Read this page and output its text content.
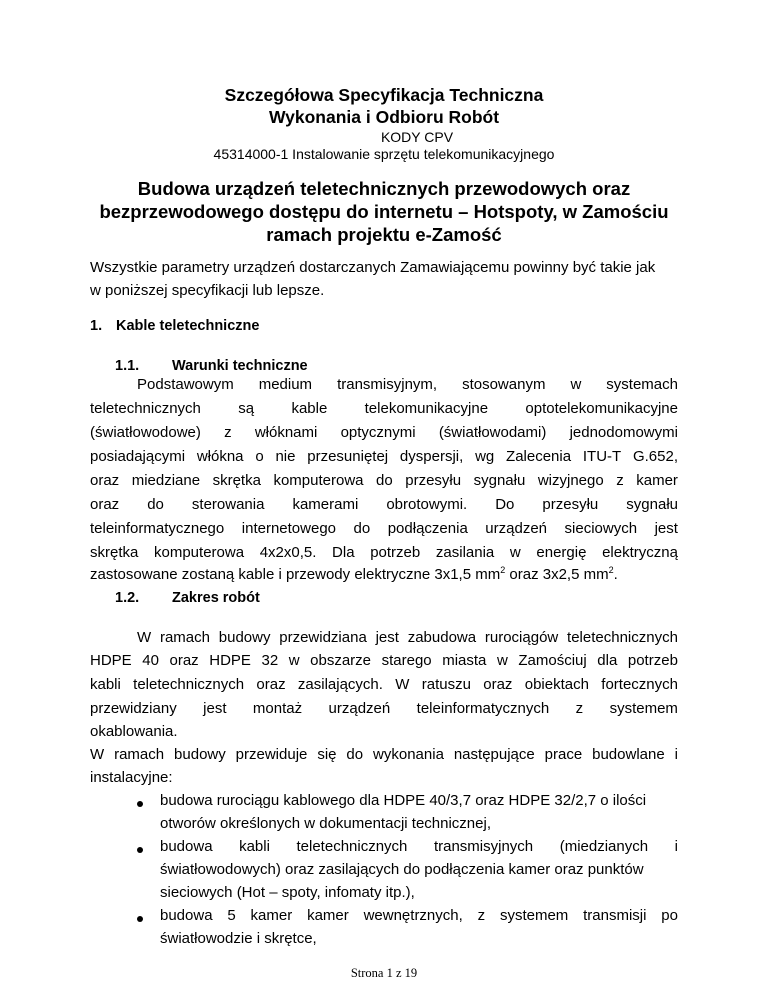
Szczegółowa Specyfikacja Techniczna
Wykonania i Odbioru Robót
KODY CPV
45314000-1 Instalowanie sprzętu telekomunikacyjnego
Budowa urządzeń teletechnicznych przewodowych oraz
bezprzewodowego dostępu do internetu – Hotspoty, w Zamościu
ramach projektu e-Zamość
Wszystkie parametry urządzeń dostarczanych Zamawiającemu powinny być takie jak
w poniższej specyfikacji lub lepsze.
1. Kable teletechniczne
1.1. Warunki techniczne
Podstawowym medium transmisyjnym, stosowanym w systemach
teletechnicznych są kable telekomunikacyjne optotelekomunikacyjne
(światłowodowe) z włóknami optycznymi (światłowodami) jednodomowymi
posiadającymi włókna o nie przesuniętej dyspersji, wg Zalecenia ITU-T G.652,
oraz miedziane skrętka komputerowa do przesyłu sygnału wizyjnego z kamer
oraz do sterowania kamerami obrotowymi. Do przesyłu sygnału
teleinformatycznego internetowego do podłączenia urządzeń sieciowych jest
skrętka komputerowa 4x2x0,5. Dla potrzeb zasilania w energię elektryczną
zastosowane zostaną kable i przewody elektryczne 3x1,5 $mm^2$ oraz 3x2,5 $mm^2$.
1.2. Zakres robót
W ramach budowy przewidziana jest zabudowa rurociągów teletechnicznych
HDPE 40 oraz HDPE 32 w obszarze starego miasta w Zamościuj dla potrzeb
kabli teletechnicznych oraz zasilających. W ratuszu oraz obiektach fortecznych
przewidziany jest montaż urządzeń teleinformatycznych z systemem
okablowania.
W ramach budowy przewiduje się do wykonania następujące prace budowlane i
instalacyjne:
budowa rurociągu kablowego dla HDPE 40/3,7 oraz HDPE 32/2,7 o ilości
otworów określonych w dokumentacji technicznej,
budowa kabli teletechnicznych transmisyjnych (miedzianych i
światłowodowych) oraz zasilających do podłączenia kamer oraz punktów
sieciowych (Hot – spoty, infomaty itp.),
budowa 5 kamer kamer wewnętrznych, z systemem transmisji po
światłowodzie i skrętce,
Strona 1 z 19
